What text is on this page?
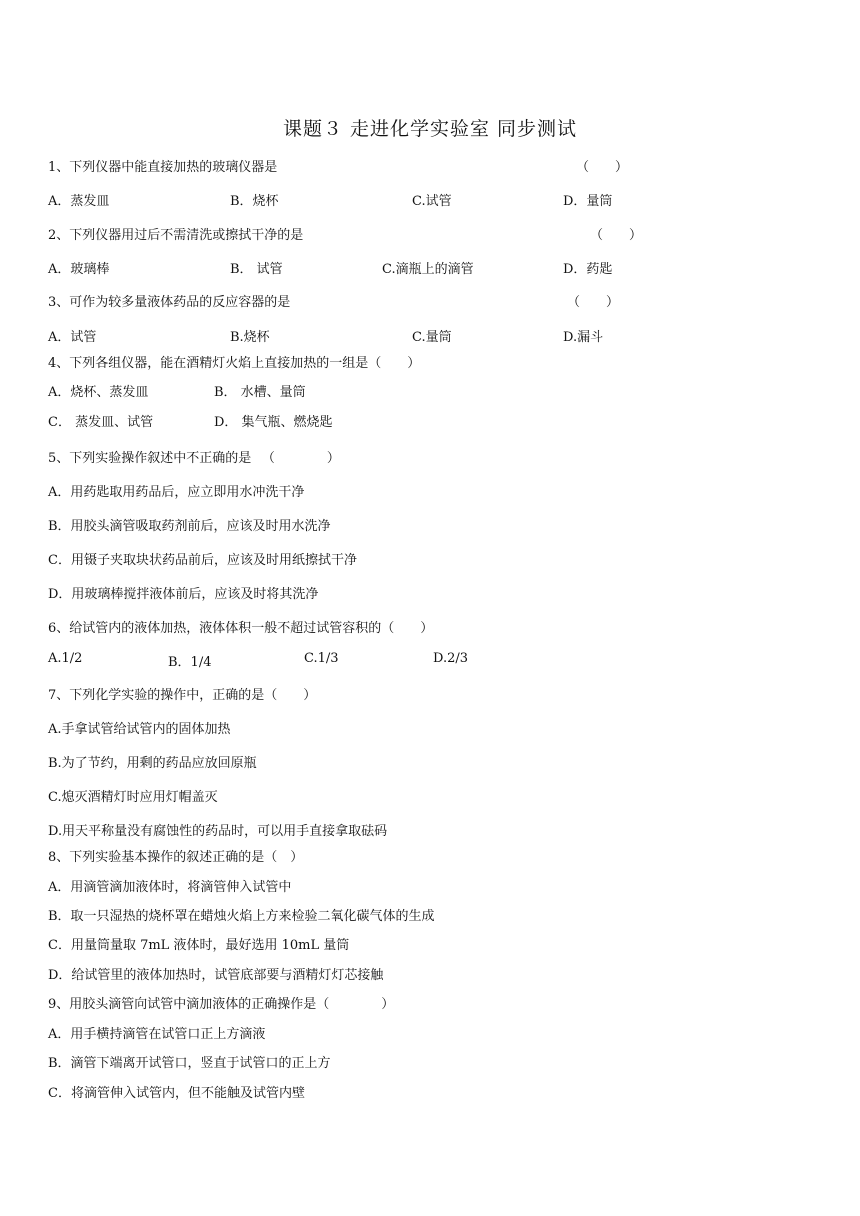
课题３ 走进化学实验室 同步测试
1、下列仪器中能直接加热的玻璃仪器是	（　　）
A．蒸发皿	B．烧杯	C.试管	D．量筒
2、下列仪器用过后不需清洗或擦拭干净的是	（　　）
A．玻璃棒	B． 试管	C.滴瓶上的滴管	D．药匙
3、可作为较多量液体药品的反应容器的是	（　　）
A．试管	B.烧杯	C.量筒	D.漏斗
4、下列各组仪器，能在酒精灯火焰上直接加热的一组是（　　）
A．烧杯、蒸发皿	B． 水槽、量筒
C． 蒸发皿、试管	D． 集气瓶、燃烧匙
5、下列实验操作叙述中不正确的是 　（　　　　）
A．用药匙取用药品后，应立即用水冲洗干净
B．用胶头滴管吸取药剂前后，应该及时用水洗净
C．用镊子夹取块状药品前后，应该及时用纸擦拭干净
D．用玻璃棒搅拌液体前后，应该及时将其洗净
6、给试管内的液体加热，液体体积一般不超过试管容积的（　　）
A.1/2	B．1/4	C.1/3	D.2/3
7、下列化学实验的操作中，正确的是（　　）
A.手拿试管给试管内的固体加热
B.为了节约，用剩的药品应放回原瓶
C.熄灭酒精灯时应用灯帽盖灭
D.用天平称量没有腐蚀性的药品时，可以用手直接拿取砝码
8、下列实验基本操作的叙述正确的是（　）
A．用滴管滴加液体时，将滴管伸入试管中
B．取一只湿热的烧杯罩在蜡烛火焰上方来检验二氧化碳气体的生成
C．用量筒量取 7mL 液体时，最好选用 10mL 量筒
D．给试管里的液体加热时，试管底部要与酒精灯灯芯接触
9、用胶头滴管向试管中滴加液体的正确操作是（　　　　）
A．用手横持滴管在试管口正上方滴液
B．滴管下端离开试管口，竖直于试管口的正上方
C．将滴管伸入试管内，但不能触及试管内壁
